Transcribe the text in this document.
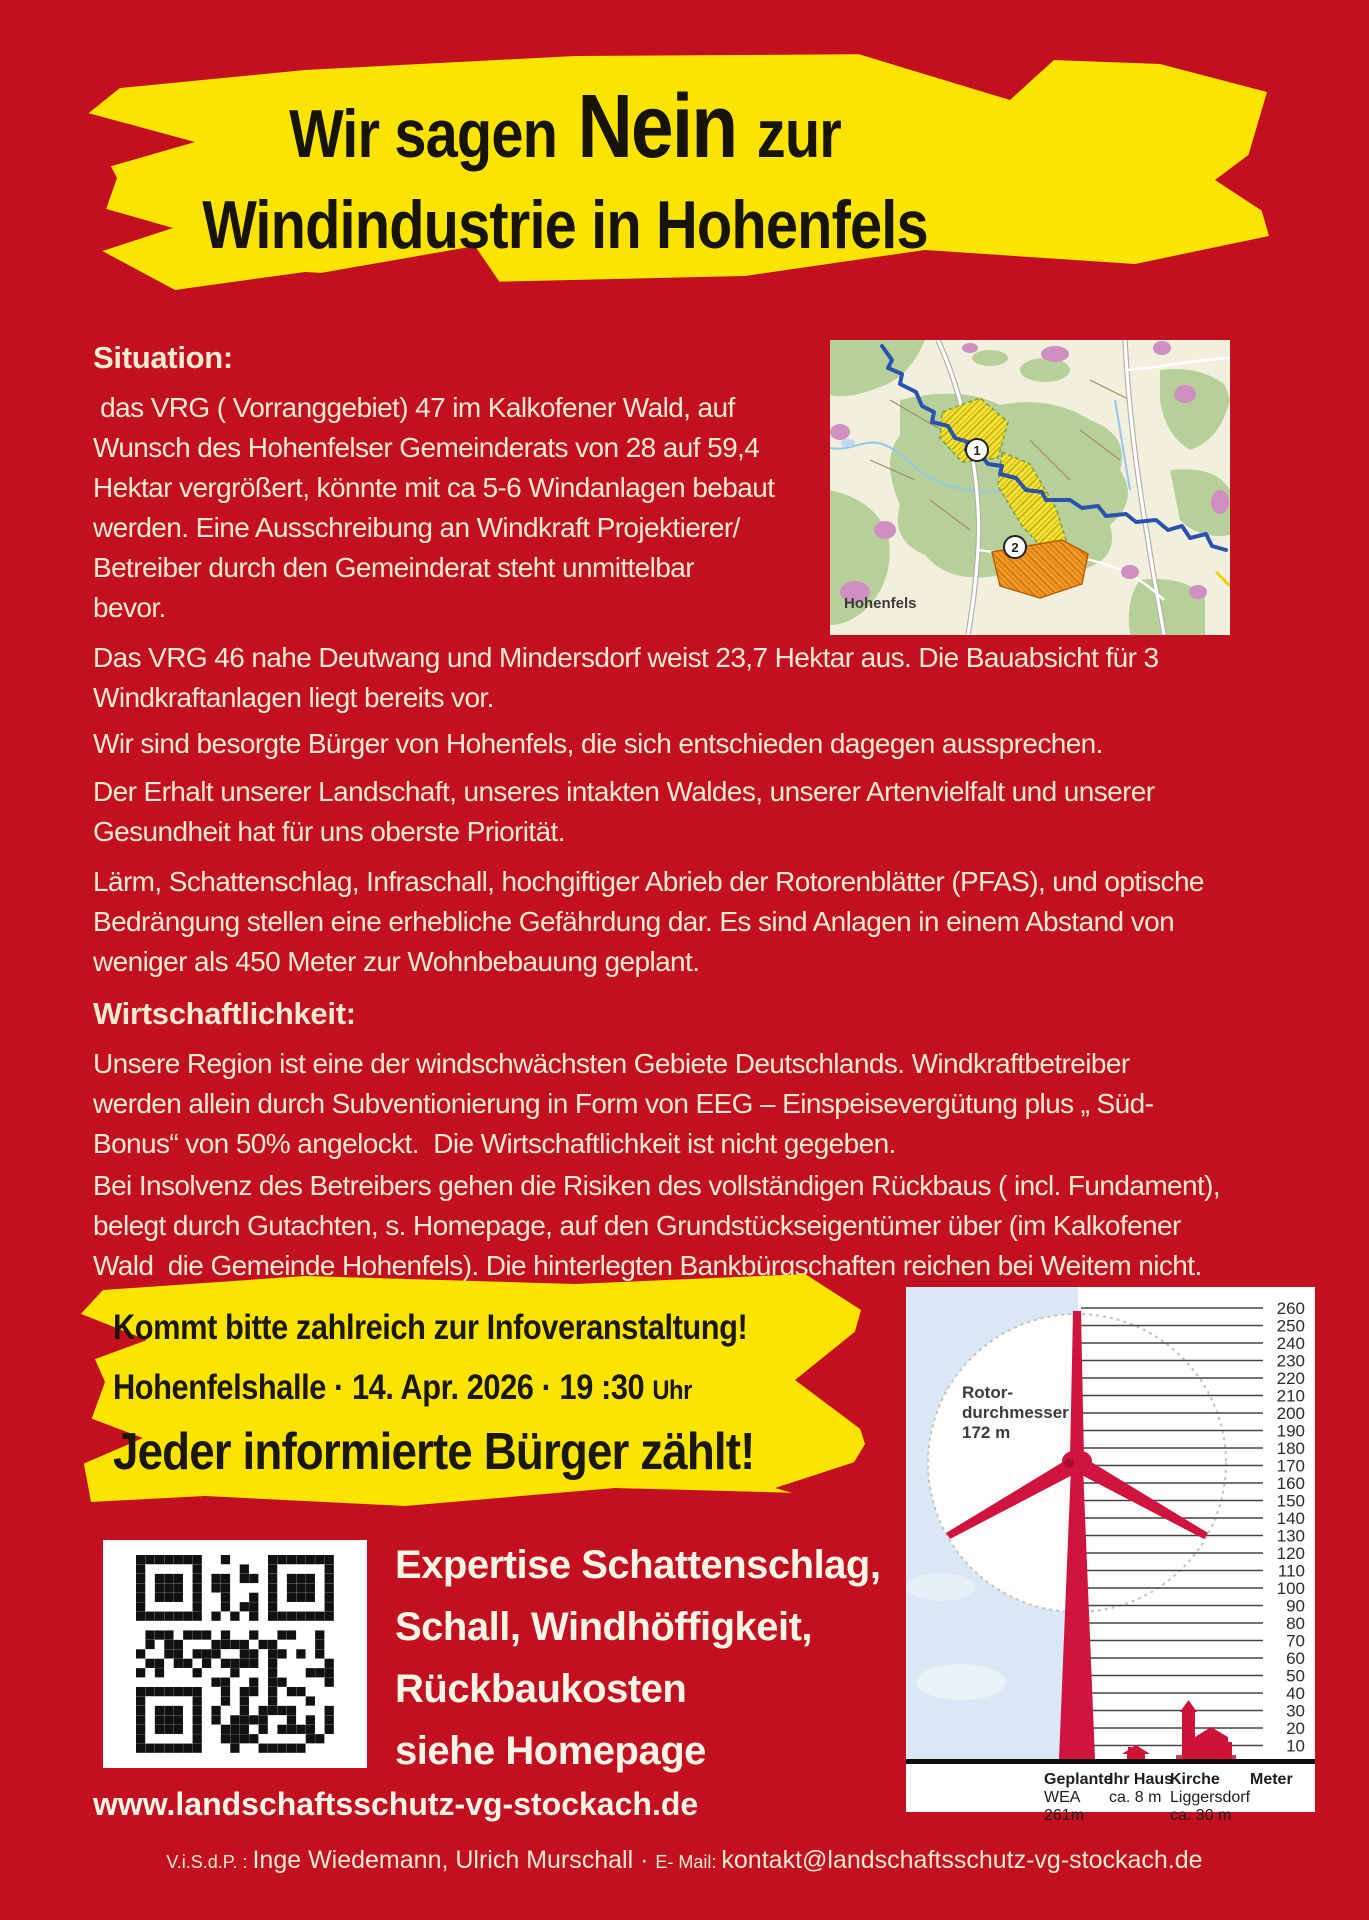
Wir sagen Nein zur
Windindustrie in Hohenfels
1
2
Hohenfels
Situation:
das VRG ( Vorranggebiet) 47 im Kalkofener Wald, auf
Wunsch des Hohenfelser Gemeinderats von 28 auf 59,4
Hektar vergrößert, könnte mit ca 5-6 Windanlagen bebaut
werden. Eine Ausschreibung an Windkraft Projektierer/
Betreiber durch den Gemeinderat steht unmittelbar
bevor.
Das VRG 46 nahe Deutwang und Mindersdorf weist 23,7 Hektar aus. Die Bauabsicht für 3
Windkraftanlagen liegt bereits vor.
Wir sind besorgte Bürger von Hohenfels, die sich entschieden dagegen aussprechen.
Der Erhalt unserer Landschaft, unseres intakten Waldes, unserer Artenvielfalt und unserer
Gesundheit hat für uns oberste Priorität.
Lärm, Schattenschlag, Infraschall, hochgiftiger Abrieb der Rotorenblätter (PFAS), und optische
Bedrängung stellen eine erhebliche Gefährdung dar. Es sind Anlagen in einem Abstand von
weniger als 450 Meter zur Wohnbebauung geplant.
Wirtschaftlichkeit:
Unsere Region ist eine der windschwächsten Gebiete Deutschlands. Windkraftbetreiber
werden allein durch Subventionierung in Form von EEG – Einspeisevergütung plus „ Süd-
Bonus“ von 50% angelockt.  Die Wirtschaftlichkeit ist nicht gegeben.
Bei Insolvenz des Betreibers gehen die Risiken des vollständigen Rückbaus ( incl. Fundament),
belegt durch Gutachten, s. Homepage, auf den Grundstückseigentümer über (im Kalkofener
Wald  die Gemeinde Hohenfels). Die hinterlegten Bankbürgschaften reichen bei Weitem nicht.
Kommt bitte zahlreich zur Infoveranstaltung!
Hohenfelshalle · 14. Apr. 2026 · 19 :30 Uhr
Jeder informierte Bürger zählt!
260
250
240
230
220
210
200
190
180
170
160
150
140
130
120
110
100
90
80
70
60
50
40
30
20
10
Rotor-
durchmesser
172 m
Geplante
WEA
261m
Ihr Haus
ca. 8 m
Kirche
Liggersdorf
ca. 30 m
Meter
Expertise Schattenschlag,
Schall, Windhöffigkeit,
Rückbaukosten
siehe Homepage
www.landschaftsschutz-vg-stockach.de
V.i.S.d.P. : Inge Wiedemann, Ulrich Murschall · E- Mail: kontakt@landschaftsschutz-vg-stockach.de
